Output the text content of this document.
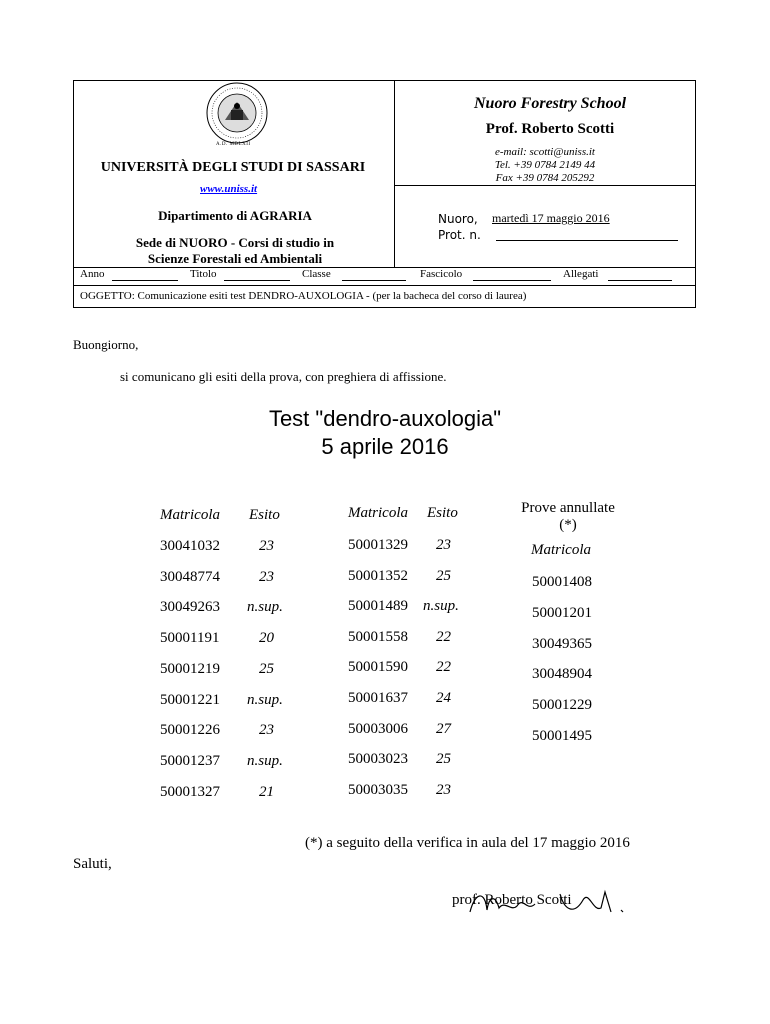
A.D. MDLXII
UNIVERSITÀ DEGLI STUDI DI SASSARI
www.uniss.it
Dipartimento di AGRARIA
Sede di NUORO - Corsi di studio in
Scienze Forestali ed Ambientali
Nuoro Forestry School
Prof. Roberto Scotti
e-mail: scotti@uniss.it
Tel. +39 0784 2149 44
Fax +39 0784 205292
Nuoro, martedì 17 maggio 2016
Prot. n.
Anno	Titolo	Classe	Fascicolo	Allegati
OGGETTO: Comunicazione esiti test DENDRO-AUXOLOGIA - (per la bacheca del corso di laurea)
Buongiorno,
si comunicano gli esiti della prova, con preghiera di affissione.
Test "dendro-auxologia"
5 aprile 2016
Matricola Esito	Matricola Esito	Prove annullate
(*)
Matricola
30041032	23
30048774	23
30049263 n.sup.
50001191	20
50001219	25
50001221 n.sup.
50001226	23
50001237 n.sup.
50001327	21
50001329 23
50001352 25
50001489 n.sup.
50001558 22
50001590 22
50001637 24
50003006 27
50003023 25
50003035 23
50001408
50001201
30049365
30048904
50001229
50001495
(*) a seguito della verifica in aula del 17 maggio 2016
Saluti,
prof. Roberto Scotti
